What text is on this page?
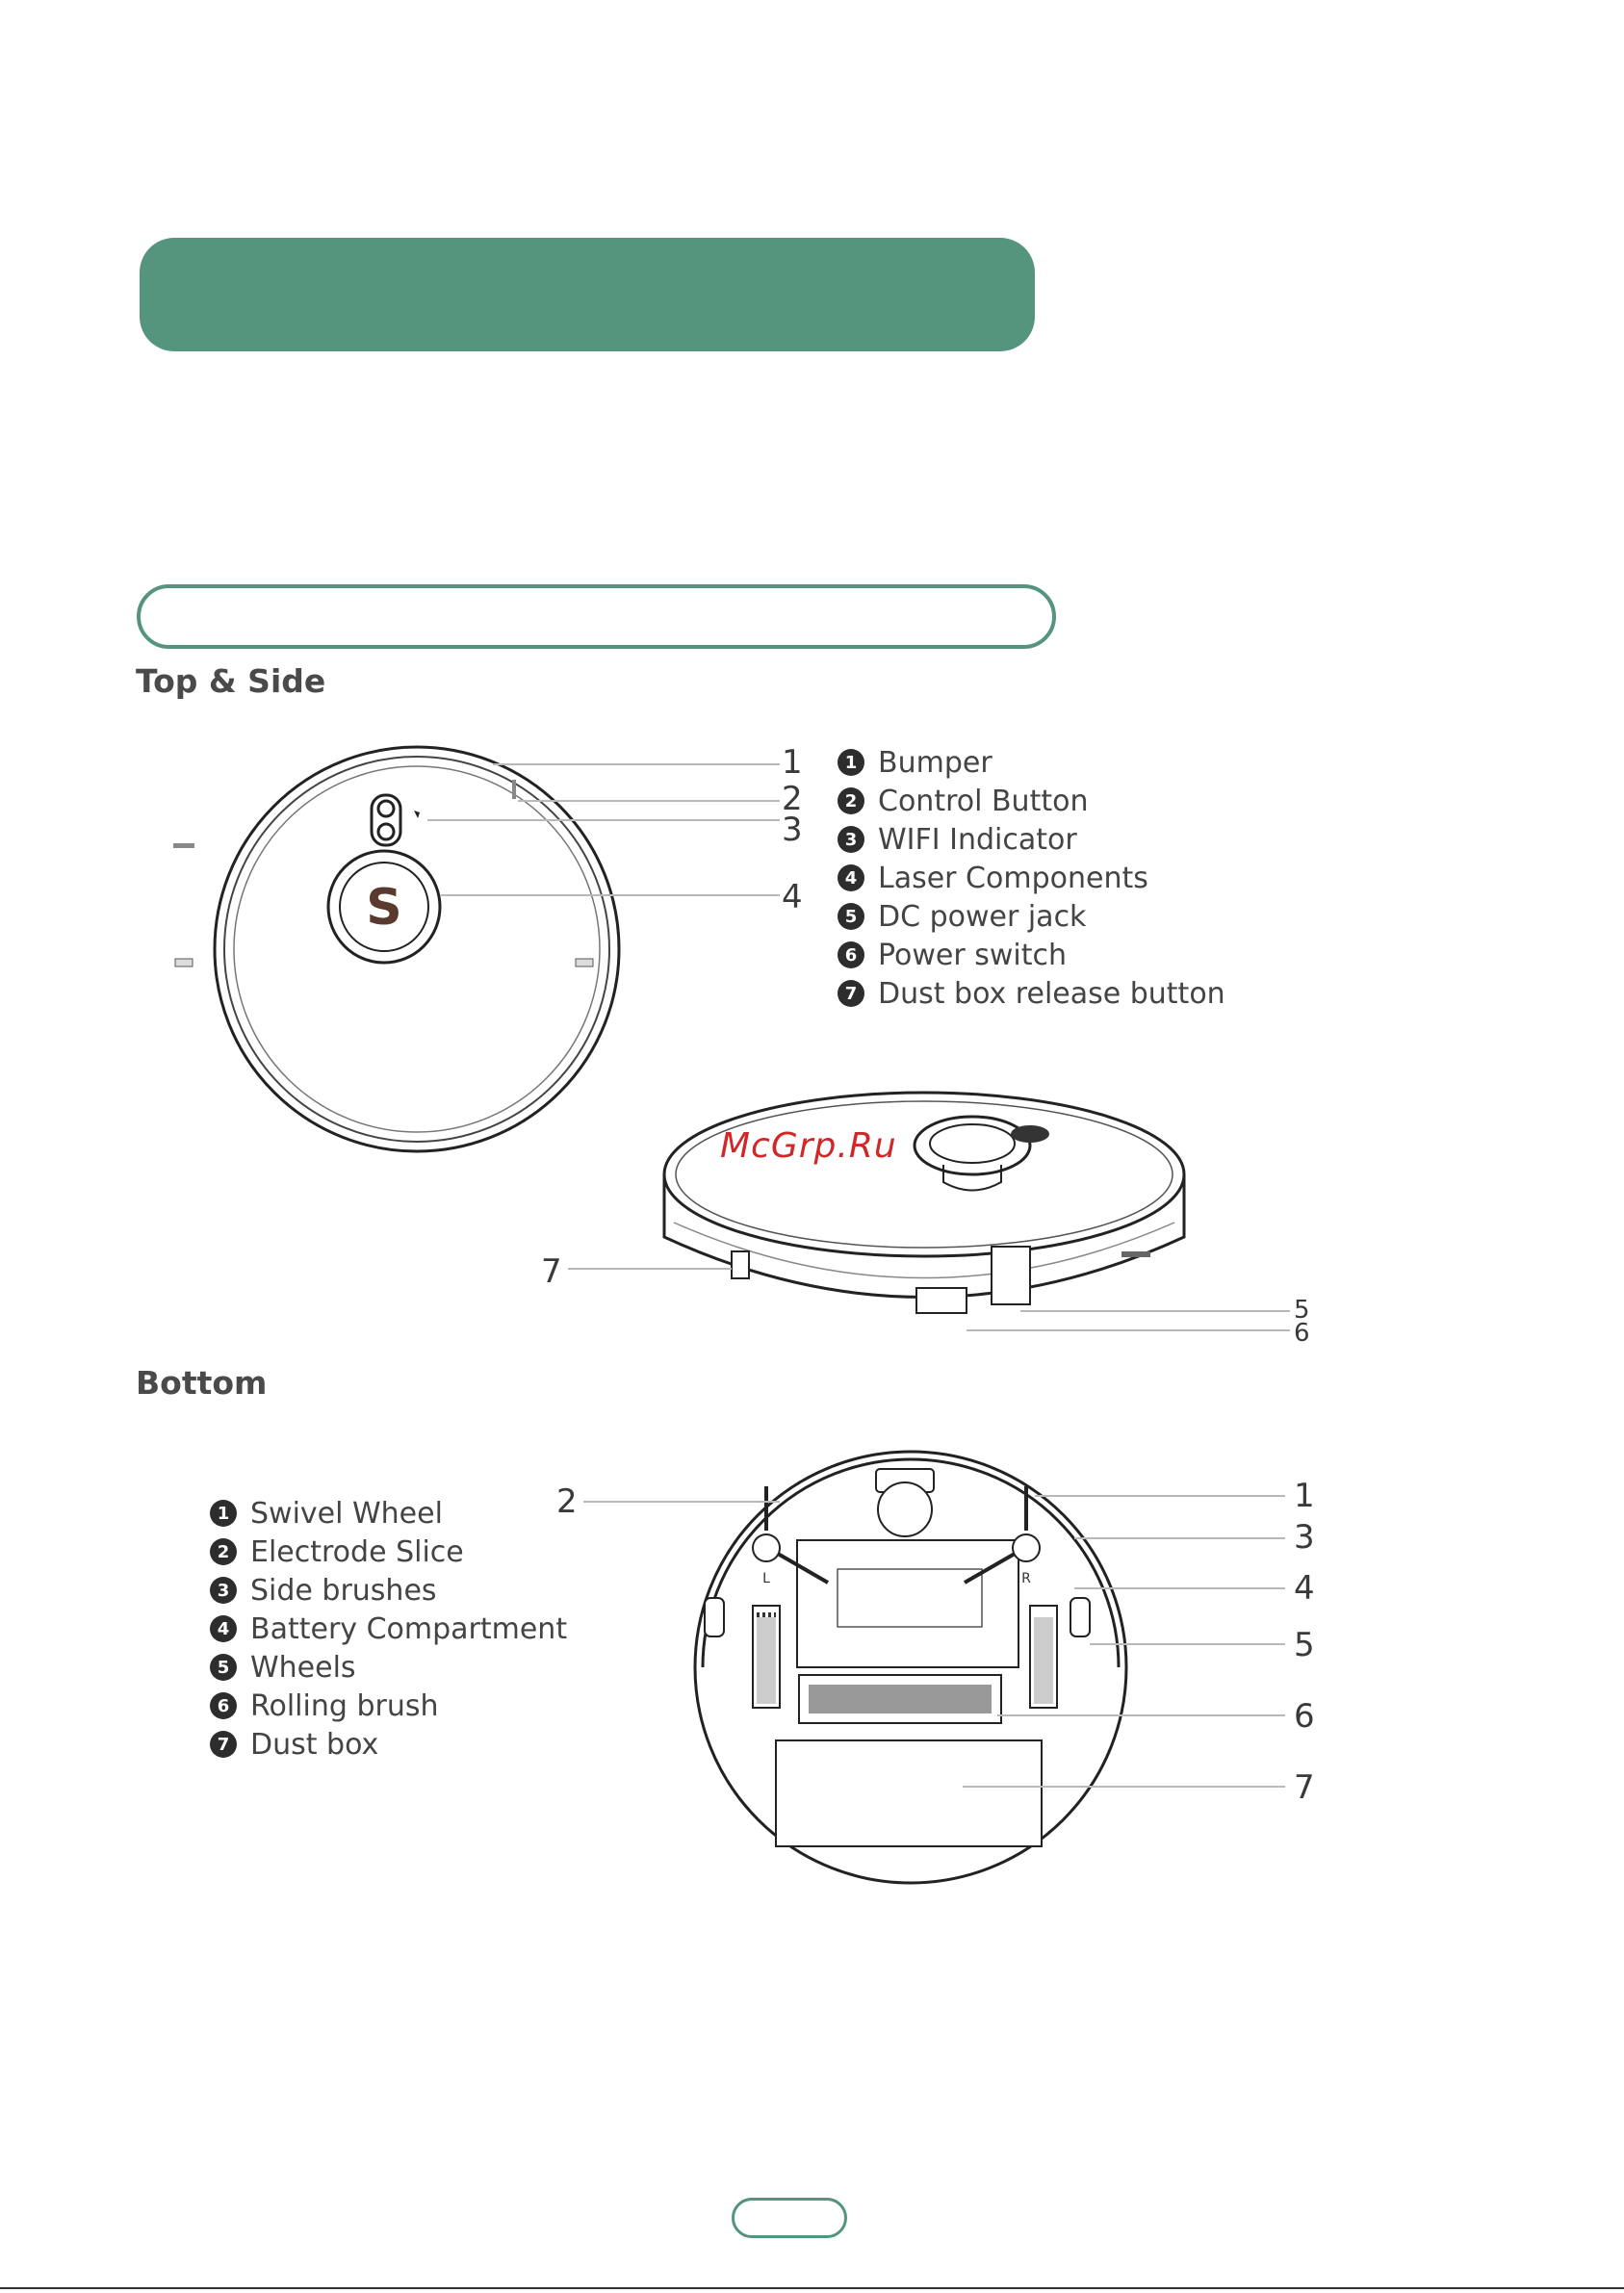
Top & Side
1 Bumper
2 Control Button
3 WIFI Indicator
4 Laser Components
5 DC power jack
6 Power switch
7 Dust box release button
S
1
2
3
4
7
5
6
McGrp.Ru
Bottom
1 Swivel Wheel
2 Electrode Slice
3 Side brushes
4 Battery Compartment
5 Wheels
6 Rolling brush
7 Dust box
L	R
2	1
3
4
5
6
7
